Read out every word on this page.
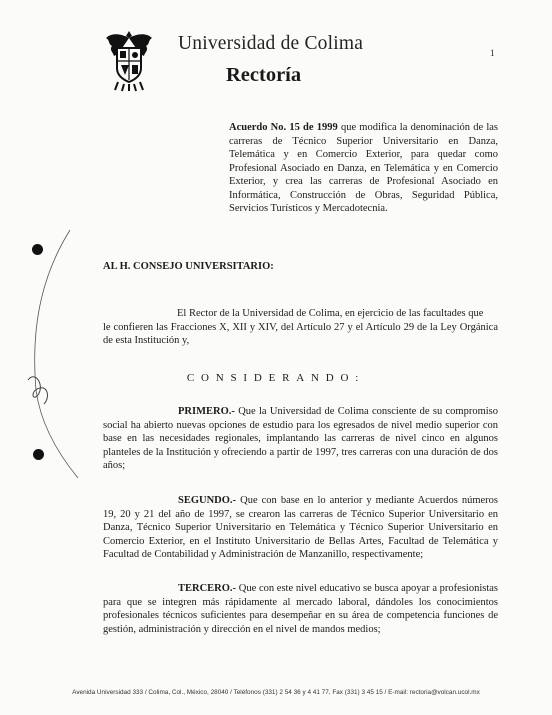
Universidad de Colima
Rectoría
1
Acuerdo No. 15 de 1999 que modifica la denominación de las carreras de Técnico Superior Universitario en Danza, Telemática y en Comercio Exterior, para quedar como Profesional Asociado en Danza, en Telemática y en Comercio Exterior, y crea las carreras de Profesional Asociado en Informática, Construcción de Obras, Seguridad Pública, Servicios Turísticos y Mercadotecnia.
AL H. CONSEJO UNIVERSITARIO:
El Rector de la Universidad de Colima, en ejercicio de las facultades que
le confieren las Fracciones X, XII y XIV, del Artículo 27 y el Artículo 29 de la Ley Orgánica de esta Institución y,
CONSIDERANDO:
PRIMERO.- Que la Universidad de Colima consciente de su compromiso social ha abierto nuevas opciones de estudio para los egresados de nivel medio superior con base en las necesidades regionales, implantando las carreras de nivel cinco en algunos planteles de la Institución y ofreciendo a partir de 1997, tres carreras con una duración de dos años;
SEGUNDO.- Que con base en lo anterior y mediante Acuerdos números 19, 20 y 21 del año de 1997, se crearon las carreras de Técnico Superior Universitario en Danza, Técnico Superior Universitario en Telemática y Técnico Superior Universitario en Comercio Exterior, en el Instituto Universitario de Bellas Artes, Facultad de Telemática y Facultad de Contabilidad y Administración de Manzanillo, respectivamente;
TERCERO.- Que con este nivel educativo se busca apoyar a profesionistas para que se integren más rápidamente al mercado laboral, dándoles los conocimientos profesionales técnicos suficientes para desempeñar en su área de competencia funciones de gestión, administración y dirección en el nivel de mandos medios;
Avenida Universidad 333 / Colima, Col., México, 28040 / Teléfonos (331) 2 54 36 y 4 41 77, Fax (331) 3 45 15 / E-mail: rectoria@volcan.ucol.mx
